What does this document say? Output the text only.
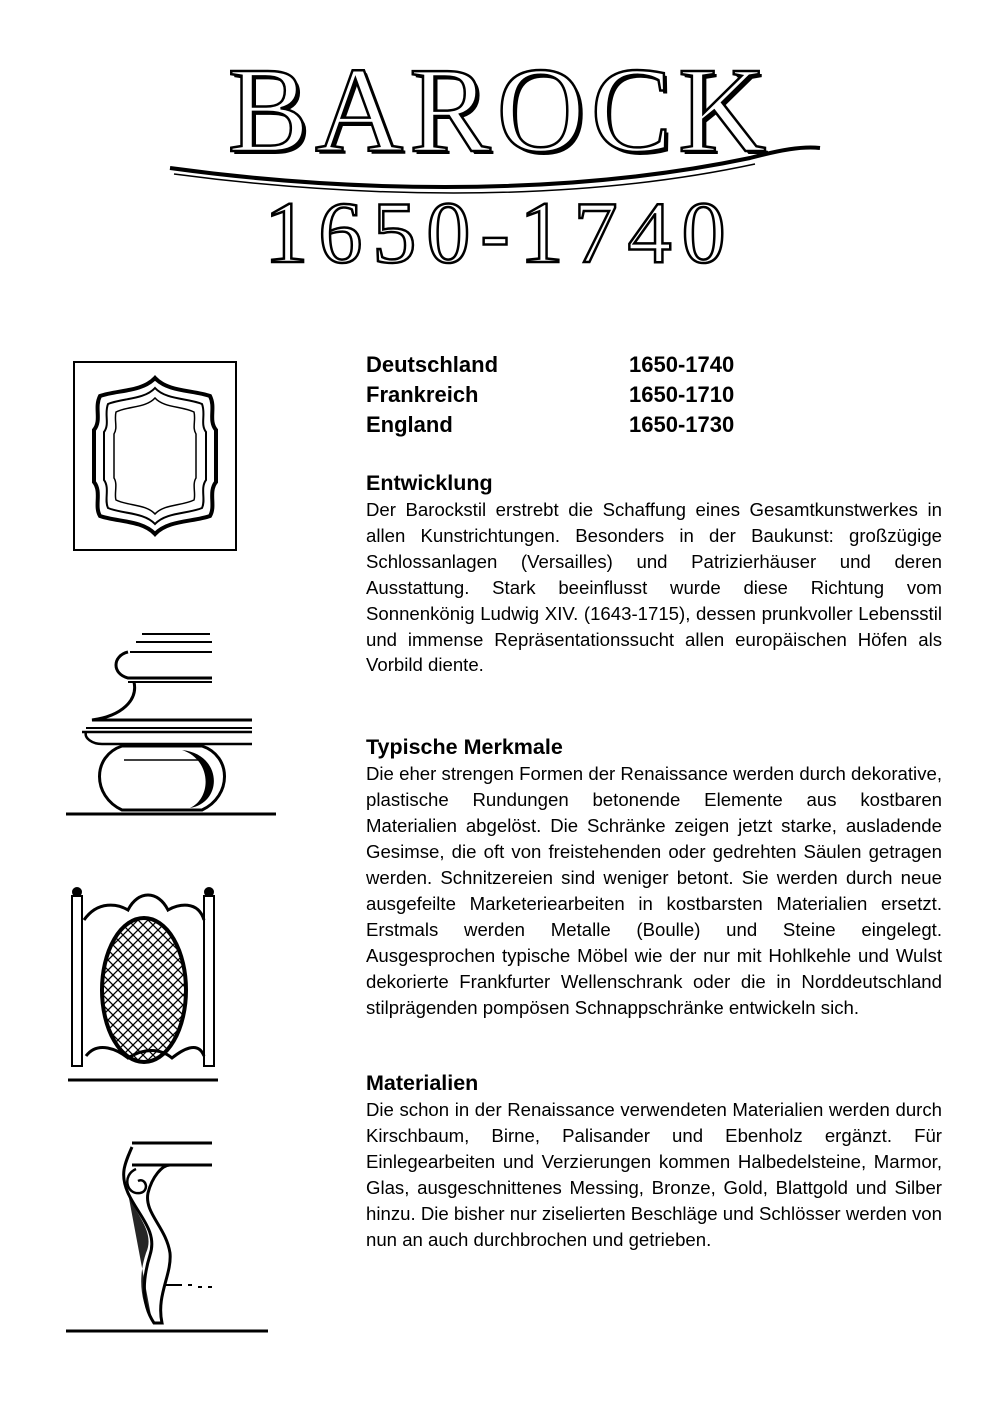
BAROCK
1650-1740
Deutschland	1650-1740
Frankreich	1650-1710
England	1650-1730
Entwicklung

Der Barockstil erstrebt die Schaffung eines Gesamtkunstwerkes in allen Kunstrichtungen. Besonders in der Baukunst: großzügige Schlossanlagen (Versailles) und Patrizierhäuser und deren Ausstattung. Stark beeinflusst wurde diese Richtung vom Sonnenkönig Ludwig XIV. (1643-1715), dessen prunkvoller Lebensstil und immense Repräsentationssucht allen europäischen Höfen als Vorbild diente.

Typische Merkmale

Die eher strengen Formen der Renaissance werden durch dekorative, plastische Rundungen betonende Elemente aus kostbaren Materialien abgelöst. Die Schränke zeigen jetzt starke, ausladende Gesimse, die oft von freistehenden oder gedrehten Säulen getragen werden. Schnitzereien sind weniger betont. Sie werden durch neue ausgefeilte Marketeriearbeiten in kostbarsten Materialien ersetzt. Erstmals werden Metalle (Boulle) und Steine eingelegt. Ausgesprochen typische Möbel wie der nur mit Hohlkehle und Wulst dekorierte Frankfurter Wellenschrank oder die in Norddeutschland stilprägenden pompösen Schnappschränke entwickeln sich.

Materialien

Die schon in der Renaissance verwendeten Materialien werden durch Kirschbaum, Birne, Palisander und Ebenholz ergänzt. Für Einlegearbeiten und Verzierungen kommen Halbedelsteine, Marmor, Glas, ausgeschnittenes Messing, Bronze, Gold, Blattgold und Silber hinzu. Die bisher nur ziselierten Beschläge und Schlösser werden von nun an auch durchbrochen und getrieben.
